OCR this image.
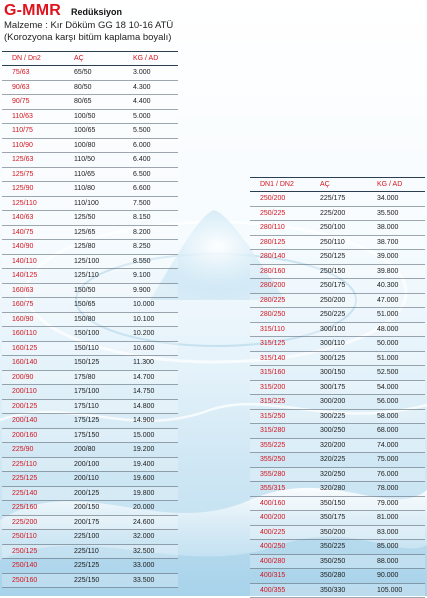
G-MMR Redüksiyon
Malzeme : Kır Döküm GG 18 10-16 ATÜ
(Korozyona karşı bitüm kaplama boyalı)
DN / Dn2	AÇ	KG / AD
75/63	65/50	3.000
90/63	80/50	4.300
90/75	80/65	4.400
110/63	100/50	5.000
110/75	100/65	5.500
110/90	100/80	6.000
125/63	110/50	6.400
125/75	110/65	6.500
125/90	110/80	6.600
125/110	110/100	7.500
140/63	125/50	8.150
140/75	125/65	8.200
140/90	125/80	8.250
140/110	125/100	8.550
140/125	125/110	9.100
160/63	150/50	9.900
160/75	150/65	10.000
160/90	150/80	10.100
160/110	150/100	10.200
160/125	150/110	10.600
160/140	150/125	11.300
200/90	175/80	14.700
200/110	175/100	14.750
200/125	175/110	14.800
200/140	175/125	14.900
200/160	175/150	15.000
225/90	200/80	19.200
225/110	200/100	19.400
225/125	200/110	19.600
225/140	200/125	19.800
225/160	200/150	20.000
225/200	200/175	24.600
250/110	225/100	32.000
250/125	225/110	32.500
250/140	225/125	33.000
250/160	225/150	33.500
DN1 / DN2	AÇ	KG / AD
250/200	225/175	34.000
250/225	225/200	35.500
280/110	250/100	38.000
280/125	250/110	38.700
280/140	250/125	39.000
280/160	250/150	39.800
280/200	250/175	40.300
280/225	250/200	47.000
280/250	250/225	51.000
315/110	300/100	48.000
315/125	300/110	50.000
315/140	300/125	51.000
315/160	300/150	52.500
315/200	300/175	54.000
315/225	300/200	56.000
315/250	300/225	58.000
315/280	300/250	68.000
355/225	320/200	74.000
355/250	320/225	75.000
355/280	320/250	76.000
355/315	320/280	78.000
400/160	350/150	79.000
400/200	350/175	81.000
400/225	350/200	83.000
400/250	350/225	85.000
400/280	350/250	88.000
400/315	350/280	90.000
400/355	350/330	105.000
